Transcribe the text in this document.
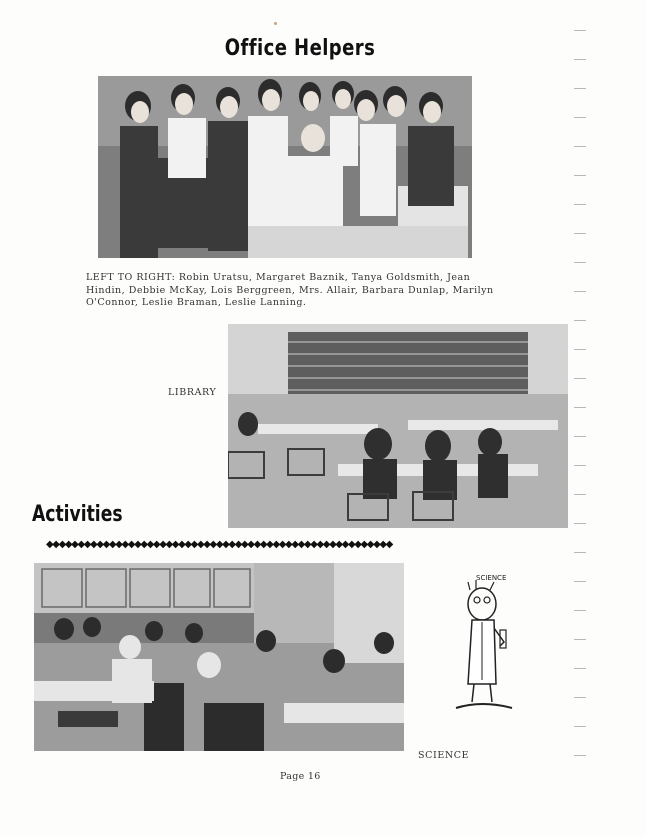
Office Helpers
LEFT TO RIGHT: Robin Uratsu, Margaret Baznik, Tanya Goldsmith, Jean Hindin, Debbie McKay, Lois Berggreen, Mrs. Allair, Barbara Dunlap, Marilyn O'Connor, Leslie Braman, Leslie Lanning.
LIBRARY
Activities
◆◆◆◆◆◆◆◆◆◆◆◆◆◆◆◆◆◆◆◆◆◆◆◆◆◆◆◆◆◆◆◆◆◆◆◆◆◆◆◆◆◆◆◆◆◆◆◆◆◆◆◆◆◆◆
SCIENCE
SCIENCE
Page 16
